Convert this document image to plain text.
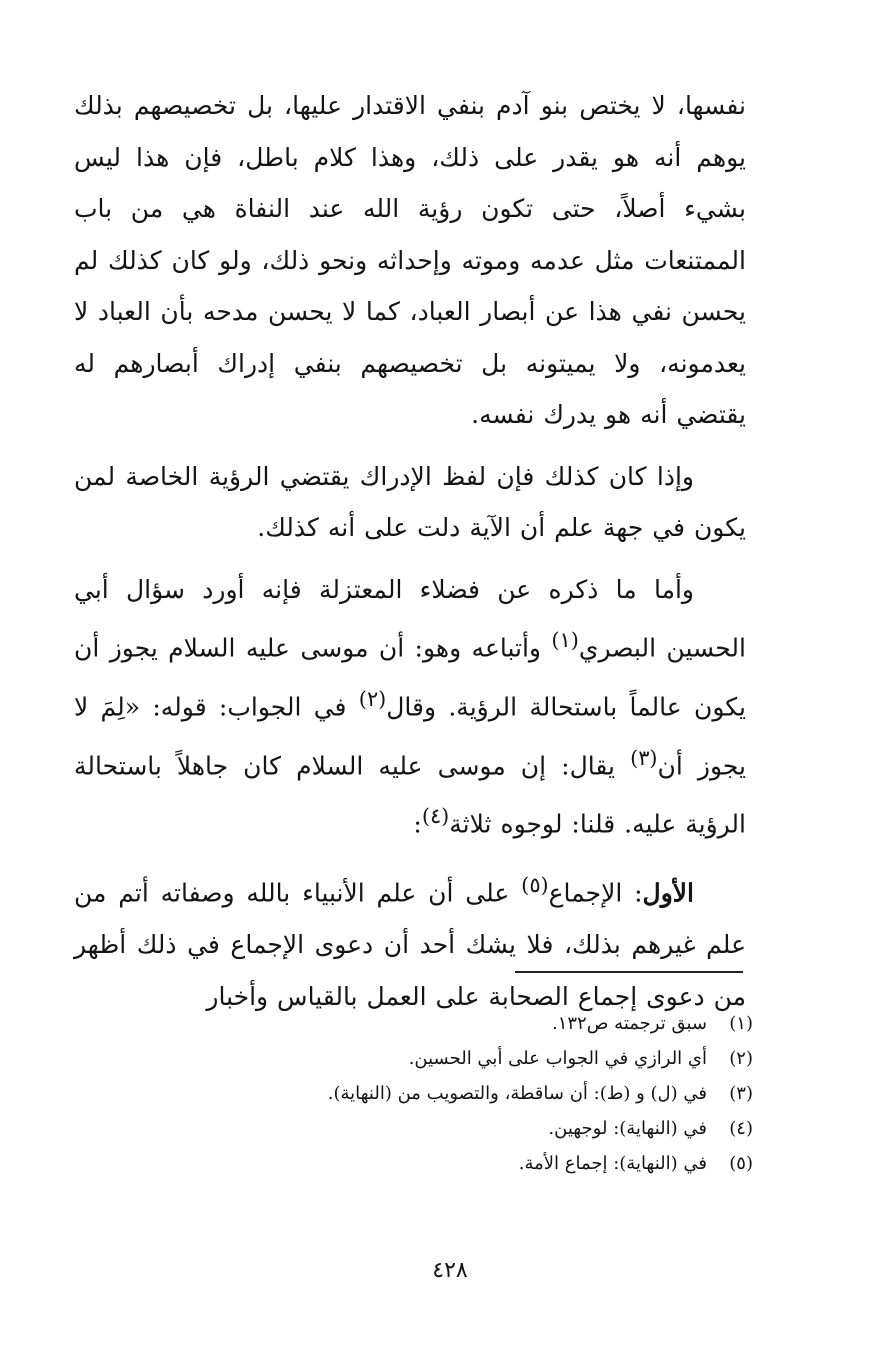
نفسها، لا يختص بنو آدم بنفي الاقتدار عليها، بل تخصيصهم بذلك يوهم أنه هو يقدر على ذلك، وهذا كلام باطل، فإن هذا ليس بشيء أصلاً، حتى تكون رؤية الله عند النفاة هي من باب الممتنعات مثل عدمه وموته وإحداثه ونحو ذلك، ولو كان كذلك لم يحسن نفي هذا عن أبصار العباد، كما لا يحسن مدحه بأن العباد لا يعدمونه، ولا يميتونه بل تخصيصهم بنفي إدراك أبصارهم له يقتضي أنه هو يدرك نفسه.

وإذا كان كذلك فإن لفظ الإدراك يقتضي الرؤية الخاصة لمن يكون في جهة علم أن الآية دلت على أنه كذلك.

وأما ما ذكره عن فضلاء المعتزلة فإنه أورد سؤال أبي الحسين البصري$^{(١)}$ وأتباعه وهو: أن موسى عليه السلام يجوز أن يكون عالماً باستحالة الرؤية. وقال$^{(٢)}$ في الجواب: قوله: «لِمَ لا يجوز أن$^{(٣)}$ يقال: إن موسى عليه السلام كان جاهلاً باستحالة الرؤية عليه. قلنا: لوجوه ثلاثة$^{(٤)}$:

الأول: الإجماع$^{(٥)}$ على أن علم الأنبياء بالله وصفاته أتم من علم غيرهم بذلك، فلا يشك أحد أن دعوى الإجماع في ذلك أظهر من دعوى إجماع الصحابة على العمل بالقياس وأخبار

(١)
سبق ترجمته ص١٣٢.
(٢)
أي الرازي في الجواب على أبي الحسين.
(٣)
في (ل) و (ط): أن ساقطة، والتصويب من (النهاية).
(٤)
في (النهاية): لوجهين.
(٥)
في (النهاية): إجماع الأمة.
٤٢٨
